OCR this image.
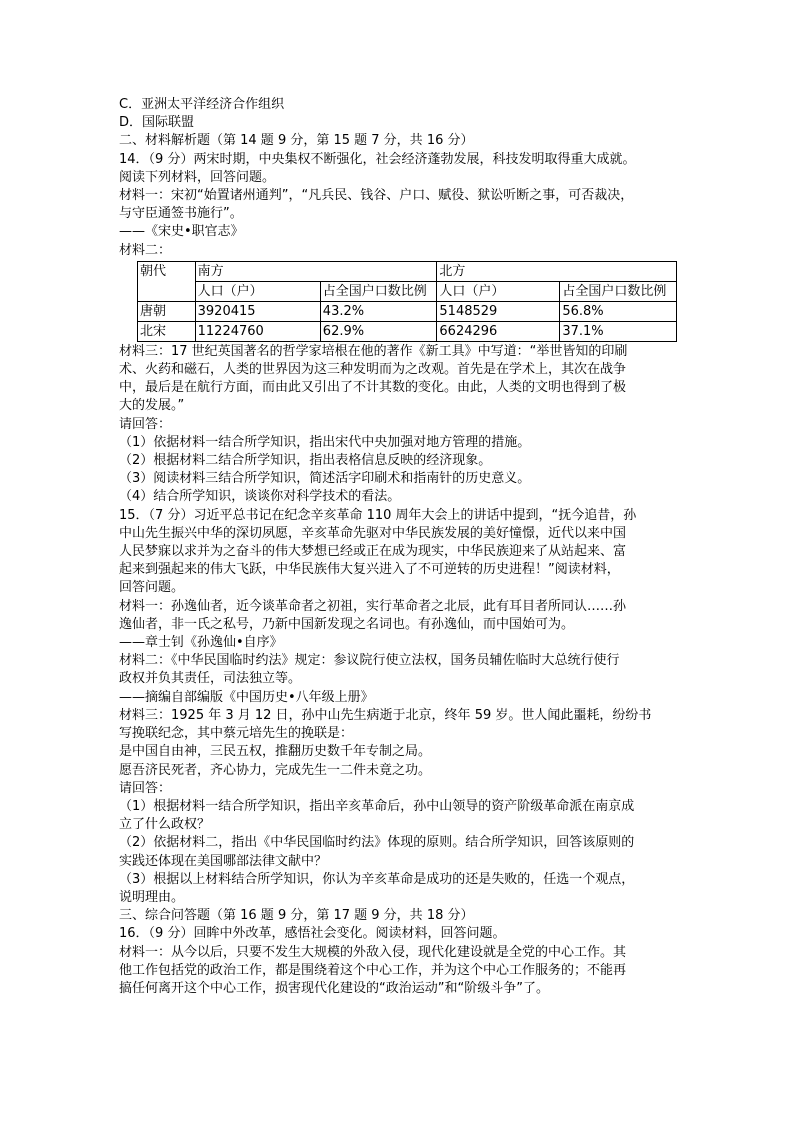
C．亚洲太平洋经济合作组织
D．国际联盟
二、材料解析题（第 14 题 9 分，第 15 题 7 分，共 16 分）
14．（9 分）两宋时期，中央集权不断强化，社会经济蓬勃发展，科技发明取得重大成就。
阅读下列材料，回答问题。
材料一：宋初“始置诸州通判”，“凡兵民、钱谷、户口、赋役、狱讼听断之事，可否裁决，
与守臣通签书施行”。
——《宋史•职官志》
材料二：
朝代	南方		北方	
	人口（户）	占全国户口数比例	人口（户）	占全国户口数比例
唐朝	3920415	43.2%	5148529	56.8%
北宋	11224760	62.9%	6624296	37.1%
材料三：17 世纪英国著名的哲学家培根在他的著作《新工具》中写道：“举世皆知的印刷
术、火药和磁石，人类的世界因为这三种发明而为之改观。首先是在学术上，其次在战争
中，最后是在航行方面，而由此又引出了不计其数的变化。由此，人类的文明也得到了极
大的发展。”
请回答：
（1）依据材料一结合所学知识，指出宋代中央加强对地方管理的措施。
（2）根据材料二结合所学知识，指出表格信息反映的经济现象。
（3）阅读材料三结合所学知识，简述活字印刷术和指南针的历史意义。
（4）结合所学知识，谈谈你对科学技术的看法。
15．（7 分）习近平总书记在纪念辛亥革命 110 周年大会上的讲话中提到，“抚今追昔，孙
中山先生振兴中华的深切夙愿，辛亥革命先驱对中华民族发展的美好憧憬，近代以来中国
人民梦寐以求并为之奋斗的伟大梦想已经或正在成为现实，中华民族迎来了从站起来、富
起来到强起来的伟大飞跃，中华民族伟大复兴进入了不可逆转的历史进程！”阅读材料，
回答问题。
材料一：孙逸仙者，近今谈革命者之初祖，实行革命者之北辰，此有耳目者所同认……孙
逸仙者，非一氏之私号，乃新中国新发现之名词也。有孙逸仙，而中国始可为。
——章士钊《孙逸仙•自序》
材料二：《中华民国临时约法》规定：参议院行使立法权，国务员辅佐临时大总统行使行
政权并负其责任，司法独立等。
——摘编自部编版《中国历史•八年级上册》
材料三：1925 年 3 月 12 日，孙中山先生病逝于北京，终年 59 岁。世人闻此噩耗，纷纷书
写挽联纪念，其中蔡元培先生的挽联是：
是中国自由神，三民五权，推翻历史数千年专制之局。
愿吾济民死者，齐心协力，完成先生一二件未竟之功。
请回答：
（1）根据材料一结合所学知识，指出辛亥革命后，孙中山领导的资产阶级革命派在南京成
立了什么政权？
（2）依据材料二，指出《中华民国临时约法》体现的原则。结合所学知识，回答该原则的
实践还体现在美国哪部法律文献中？
（3）根据以上材料结合所学知识，你认为辛亥革命是成功的还是失败的，任选一个观点，
说明理由。
三、综合问答题（第 16 题 9 分，第 17 题 9 分，共 18 分）
16．（9 分）回眸中外改革，感悟社会变化。阅读材料，回答问题。
材料一：从今以后，只要不发生大规模的外敌入侵，现代化建设就是全党的中心工作。其
他工作包括党的政治工作，都是围绕着这个中心工作，并为这个中心工作服务的；不能再
搞任何离开这个中心工作，损害现代化建设的“政治运动”和“阶级斗争”了。
